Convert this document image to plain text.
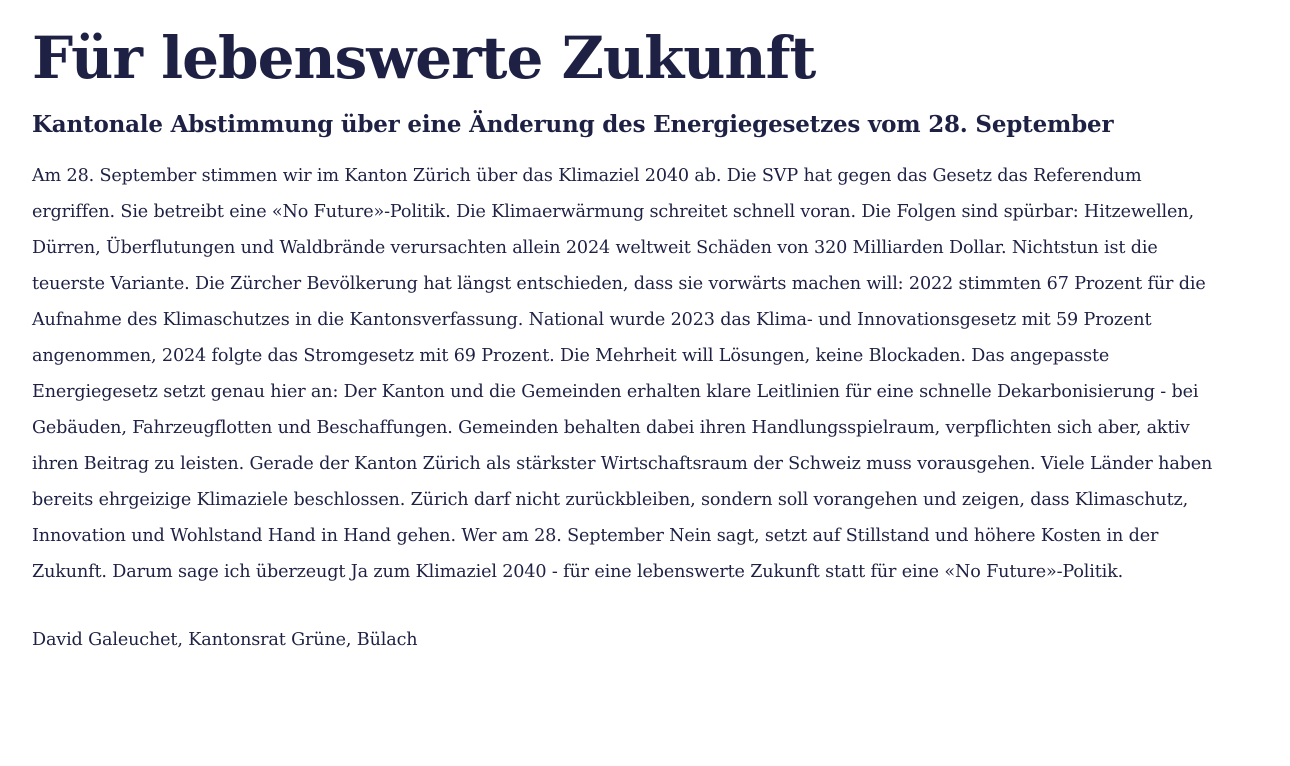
Für lebenswerte Zukunft
Kantonale Abstimmung über eine Änderung des Energiegesetzes vom 28. September

Am 28. September stimmen wir im Kanton Zürich über das Klimaziel 2040 ab. Die SVP hat gegen das Gesetz das Referendum ergriffen. Sie betreibt eine «No Future»-Politik. Die Klimaerwärmung schreitet schnell voran. Die Folgen sind spürbar: Hitzewellen, Dürren, Überflutungen und Waldbrände verursachten allein 2024 weltweit Schäden von 320 Milliarden Dollar. Nichtstun ist die teuerste Variante. Die Zürcher Bevölkerung hat längst entschieden, dass sie vorwärts machen will: 2022 stimmten 67 Prozent für die Aufnahme des Klimaschutzes in die Kantonsverfassung. National wurde 2023 das Klima- und Innovationsgesetz mit 59 Prozent angenommen, 2024 folgte das Stromgesetz mit 69 Prozent. Die Mehrheit will Lösungen, keine Blockaden. Das angepasste Energiegesetz setzt genau hier an: Der Kanton und die Gemeinden erhalten klare Leitlinien für eine schnelle Dekarbonisierung - bei Gebäuden, Fahrzeugflotten und Beschaffungen. Gemeinden behalten dabei ihren Handlungsspielraum, verpflichten sich aber, aktiv ihren Beitrag zu leisten. Gerade der Kanton Zürich als stärkster Wirtschaftsraum der Schweiz muss vorausgehen. Viele Länder haben bereits ehrgeizige Klimaziele beschlossen. Zürich darf nicht zurückbleiben, sondern soll vorangehen und zeigen, dass Klimaschutz, Innovation und Wohlstand Hand in Hand gehen. Wer am 28. September Nein sagt, setzt auf Stillstand und höhere Kosten in der Zukunft. Darum sage ich überzeugt Ja zum Klimaziel 2040 - für eine lebenswerte Zukunft statt für eine «No Future»-Politik.

David Galeuchet, Kantonsrat Grüne, Bülach
